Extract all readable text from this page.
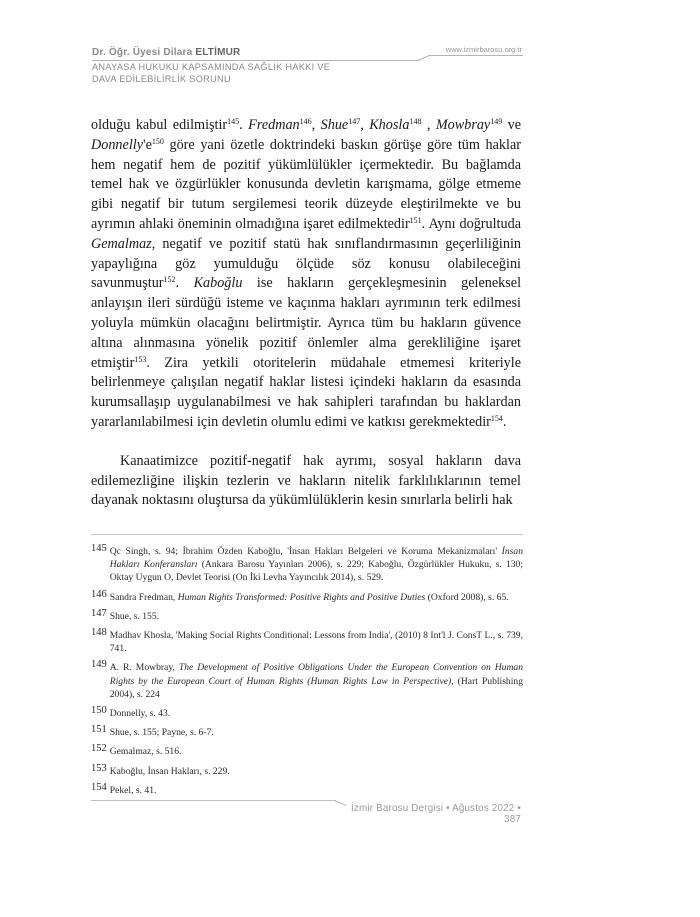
Dr. Öğr. Üyesi Dilara ELTİMUR	www.izmirbarosu.org.tr
ANAYASA HUKUKU KAPSAMINDA SAĞLIK HAKKI VE
DAVA EDİLEBİLİRLİK SORUNU

olduğu kabul edilmiştir$^{145}$. Fredman$^{146}$, Shue$^{147}$, Khosla$^{148}$ , Mowbray$^{149}$ ve $Donnelly'e^{150}$ göre yani özetle doktrindeki baskın görüşe göre tüm haklar hem negatif hem de pozitif yükümlülükler içermektedir. Bu bağlamda temel hak ve özgürlükler konusunda devletin karışmama, gölge etmeme gibi negatif bir tutum sergilemesi teorik düzeyde eleştirilmekte ve bu ayrımın ahlaki öneminin olmadığına işaret edilmektedir$^{151}$. Aynı doğrultuda Gemalmaz, negatif ve pozitif statü hak sınıflandırmasının geçerliliğinin yapaylığına göz yumulduğu ölçüde söz konusu olabileceğini savunmuştur$^{152}$. Kaboğlu ise hakların gerçekleşmesinin geleneksel anlayışın ileri sürdüğü isteme ve kaçınma hakları ayrımının terk edilmesi yoluyla mümkün olacağını belirtmiştir. Ayrıca tüm bu hakların güvence altına alınmasına yönelik pozitif önlemler alma gerekliliğine işaret etmiştir$^{153}$. Zira yetkili otoritelerin müdahale etmemesi kriteriyle belirlenmeye çalışılan negatif haklar listesi içindeki hakların da esasında kurumsallaşıp uygulanabilmesi ve hak sahipleri tarafından bu haklardan yararlanılabilmesi için devletin olumlu edimi ve katkısı gerekmektedir$^{154}$.

Kanaatimizce pozitif-negatif hak ayrımı, sosyal hakların dava edilemezliğine ilişkin tezlerin ve hakların nitelik farklılıklarının temel dayanak noktasını oluştursa da yükümlülüklerin kesin sınırlarla belirli hak

145 Qc Singh, s. 94; İbrahim Özden Kaboğlu, 'İnsan Hakları Belgeleri ve Koruma Mekanizmaları' İnsan Hakları Konferansları (Ankara Barosu Yayınları 2006), s. 229; Kaboğlu, Özgürlükler Hukuku, s. 130; Oktay Uygun O, Devlet Teorisi (On İki Levha Yayıncılık 2014), s. 529.
146 Sandra Fredman, Human Rights Transformed: Positive Rights and Positive Duties (Oxford 2008), s. 65.
147 Shue, s. 155.
148 Madhav Khosla, 'Making Social Rights Conditional: Lessons from India', (2010) 8 Int'l J. ConsT L., s. 739, 741.
149 A. R. Mowbray, The Development of Positive Obligations Under the European Convention on Human Rights by the European Court of Human Rights (Human Rights Law in Perspective), (Hart Publishing 2004), s. 224
150 Donnelly, s. 43.
151 Shue, s. 155; Payne, s. 6-7.
152 Gemalmaz, s. 516.
153 Kaboğlu, İnsan Hakları, s. 229.
154 Pekel, s. 41.
İzmir Barosu Dergisi • Ağustos 2022 • 387
